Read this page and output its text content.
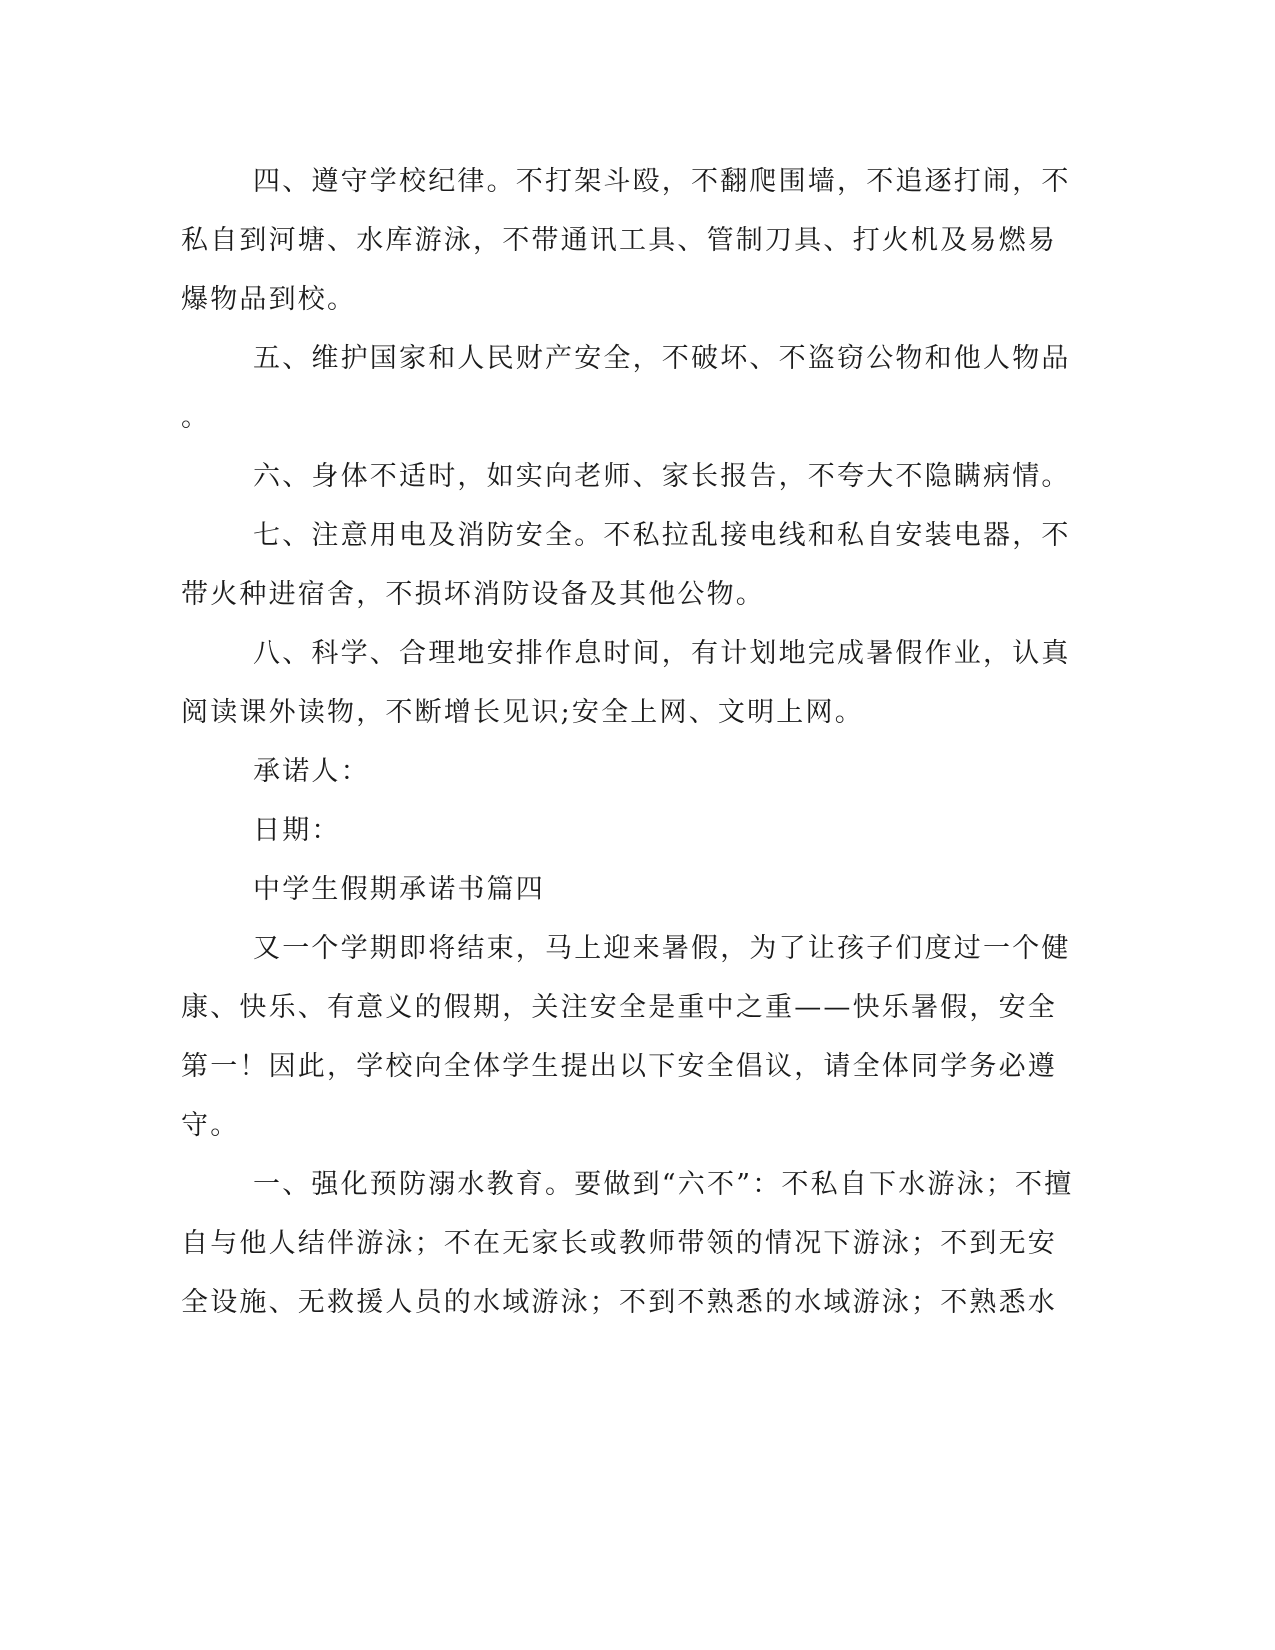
四、遵守学校纪律。不打架斗殴，不翻爬围墙，不追逐打闹，不

私自到河塘、水库游泳，不带通讯工具、管制刀具、打火机及易燃易

爆物品到校。

五、维护国家和人民财产安全，不破坏、不盗窃公物和他人物品

。

六、身体不适时，如实向老师、家长报告，不夸大不隐瞒病情。

七、注意用电及消防安全。不私拉乱接电线和私自安装电器，不

带火种进宿舍，不损坏消防设备及其他公物。

八、科学、合理地安排作息时间，有计划地完成暑假作业，认真

阅读课外读物，不断增长见识;安全上网、文明上网。

承诺人：

日期：

中学生假期承诺书篇四

又一个学期即将结束，马上迎来暑假，为了让孩子们度过一个健

康、快乐、有意义的假期，关注安全是重中之重——快乐暑假，安全

第一！因此，学校向全体学生提出以下安全倡议，请全体同学务必遵

守。

一、强化预防溺水教育。要做到“六不”：不私自下水游泳；不擅

自与他人结伴游泳；不在无家长或教师带领的情况下游泳；不到无安

全设施、无救援人员的水域游泳；不到不熟悉的水域游泳；不熟悉水
